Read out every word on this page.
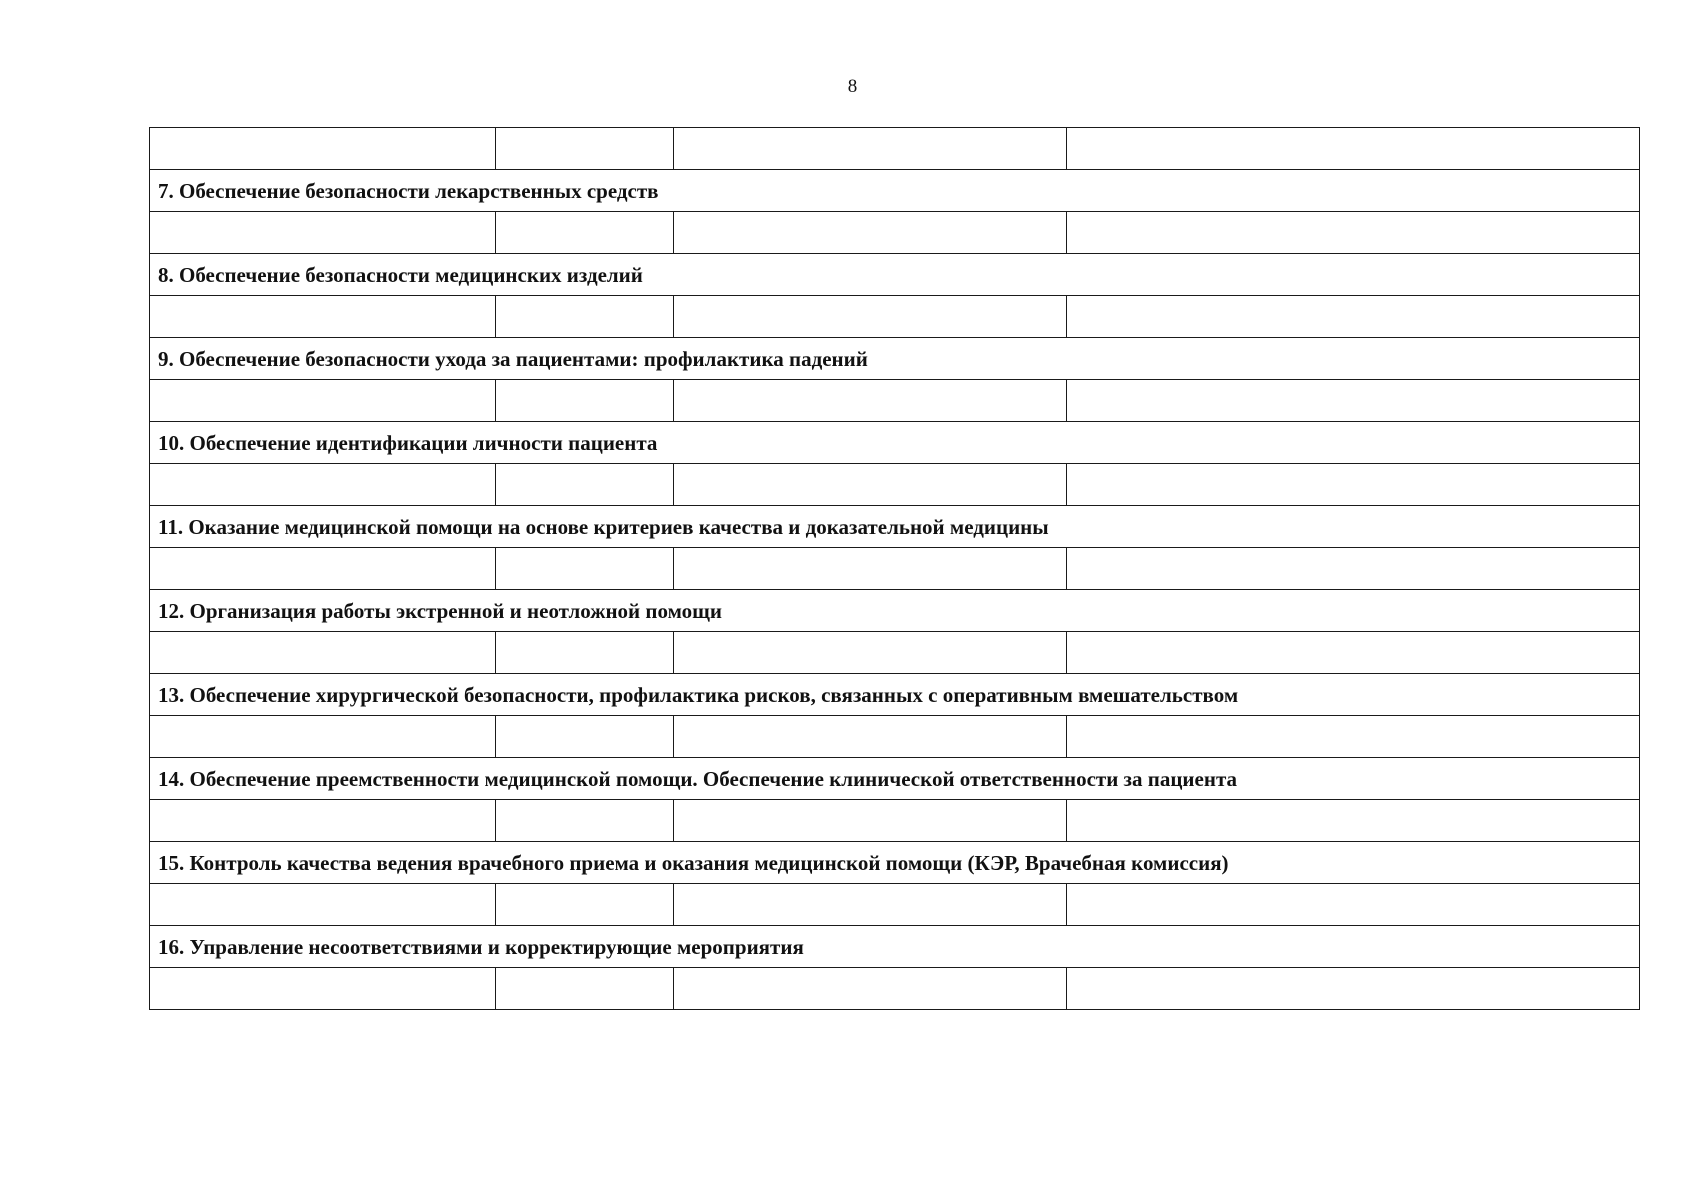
8

7. Обеспечение безопасности лекарственных средств			

8. Обеспечение безопасности медицинских изделий			

9. Обеспечение безопасности ухода за пациентами: профилактика падений			

10. Обеспечение идентификации личности пациента			

11. Оказание медицинской помощи на основе критериев качества и доказательной медицины			

12. Организация работы экстренной и неотложной помощи			

13. Обеспечение хирургической безопасности, профилактика рисков, связанных с оперативным вмешательством			

14. Обеспечение преемственности медицинской помощи. Обеспечение клинической ответственности за пациента			

15. Контроль качества ведения врачебного приема и оказания медицинской помощи (КЭР, Врачебная комиссия)			

16. Управление несоответствиями и корректирующие мероприятия			
